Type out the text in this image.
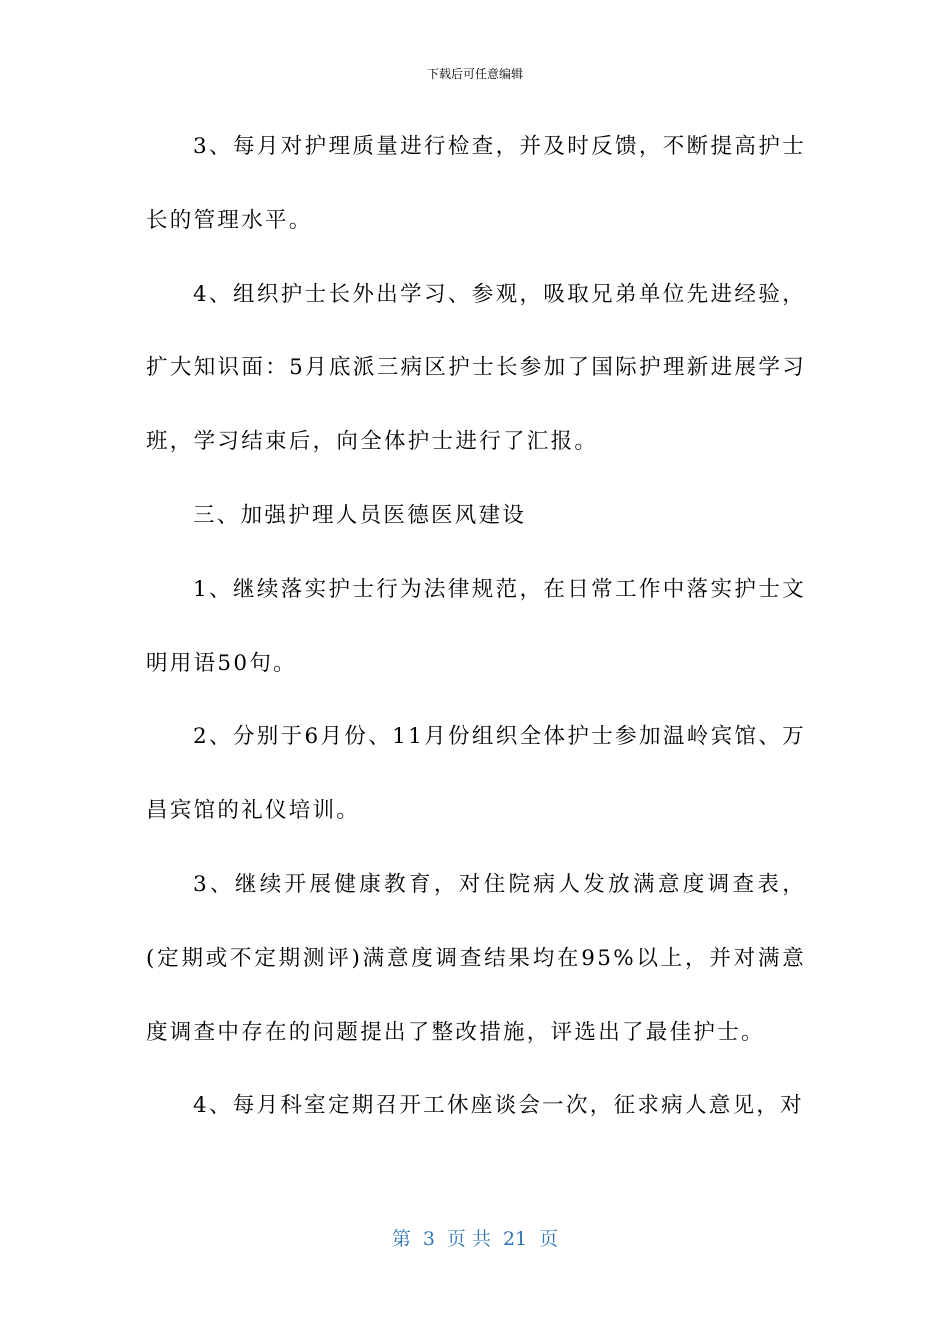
下载后可任意编辑

3、每月对护理质量进行检查，并及时反馈，不断提高护士长的管理水平。

4、组织护士长外出学习、参观，吸取兄弟单位先进经验，扩大知识面：5月底派三病区护士长参加了国际护理新进展学习班，学习结束后，向全体护士进行了汇报。

三、加强护理人员医德医风建设

1、继续落实护士行为法律规范，在日常工作中落实护士文明用语50句。

2、分别于6月份、11月份组织全体护士参加温岭宾馆、万昌宾馆的礼仪培训。

3、继续开展健康教育，对住院病人发放满意度调查表，(定期或不定期测评)满意度调查结果均在95%以上，并对满意度调查中存在的问题提出了整改措施，评选出了最佳护士。

4、每月科室定期召开工休座谈会一次，征求病人意见，对

第 3 页 共 21 页
